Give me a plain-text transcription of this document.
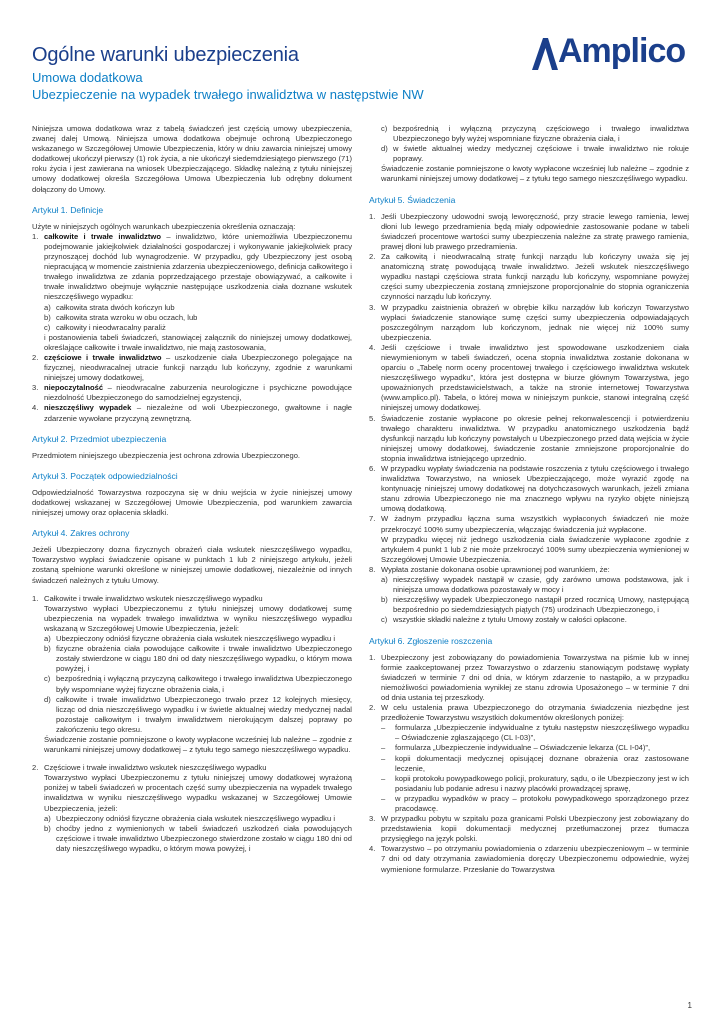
Ogólne warunki ubezpieczenia
Umowa dodatkowa
Ubezpieczenie na wypadek trwałego inwalidztwa w następstwie NW
Amplico

Niniejsza umowa dodatkowa wraz z tabelą świadczeń jest częścią umowy ubezpieczenia, zwanej dalej Umową. Niniejsza umowa dodatkowa obejmuje ochroną Ubezpieczonego wskazanego w Szczegółowej Umowie Ubezpieczenia, który w dniu zawarcia niniejszej umowy dodatkowej ukończył pierwszy (1) rok życia, a nie ukończył siedemdziesiątego pierwszego (71) roku życia i jest zawierana na wniosek Ubezpieczającego. Składkę należną z tytułu niniejszej umowy dodatkowej określa Szczegółowa Umowa Ubezpieczenia lub odrębny dokument dołączony do Umowy.

Artykuł 1. Definicje

Użyte w niniejszych ogólnych warunkach ubezpieczenia określenia oznaczają:

1. całkowite i trwałe inwalidztwo – inwalidztwo, które uniemożliwia Ubezpieczonemu podejmowanie jakiejkolwiek działalności gospodarczej i wykonywanie jakiejkolwiek pracy przynoszącej dochód lub wynagrodzenie. W przypadku, gdy Ubezpieczony jest osobą niepracującą w momencie zaistnienia zdarzenia ubezpieczeniowego, definicja całkowitego i trwałego inwalidztwa ze zdania poprzedzającego przestaje obowiązywać, a całkowite i trwałe inwalidztwo obejmuje wyłącznie następujące uszkodzenia ciała doznane wskutek nieszczęśliwego wypadku:
a) całkowita strata dwóch kończyn lub
b) całkowita strata wzroku w obu oczach, lub
c) całkowity i nieodwracalny paraliż

i postanowienia tabeli świadczeń, stanowiącej załącznik do niniejszej umowy dodatkowej, określające całkowite i trwałe inwalidztwo, nie mają zastosowania,

2. częściowe i trwałe inwalidztwo – uszkodzenie ciała Ubezpieczonego polegające na fizycznej, nieodwracalnej utracie funkcji narządu lub kończyny, zgodnie z warunkami niniejszej umowy dodatkowej,
3. niepoczytalność – nieodwracalne zaburzenia neurologiczne i psychiczne powodujące niezdolność Ubezpieczonego do samodzielnej egzystencji,
4. nieszczęśliwy wypadek – niezależne od woli Ubezpieczonego, gwałtowne i nagłe zdarzenie wywołane przyczyną zewnętrzną.
Artykuł 2. Przedmiot ubezpieczenia

Przedmiotem niniejszego ubezpieczenia jest ochrona zdrowia Ubezpieczonego.

Artykuł 3. Początek odpowiedzialności

Odpowiedzialność Towarzystwa rozpoczyna się w dniu wejścia w życie niniejszej umowy dodatkowej wskazanej w Szczegółowej Umowie Ubezpieczenia, pod warunkiem zawarcia niniejszej umowy oraz opłacenia składki.

Artykuł 4. Zakres ochrony

Jeżeli Ubezpieczony dozna fizycznych obrażeń ciała wskutek nieszczęśliwego wypadku, Towarzystwo wypłaci świadczenie opisane w punktach 1 lub 2 niniejszego artykułu, jeżeli zostaną spełnione warunki określone w niniejszej umowie dodatkowej, niezależnie od innych świadczeń należnych z tytułu Umowy.

1. Całkowite i trwałe inwalidztwo wskutek nieszczęśliwego wypadku
Towarzystwo wypłaci Ubezpieczonemu z tytułu niniejszej umowy dodatkowej sumę ubezpieczenia na wypadek trwałego inwalidztwa w wyniku nieszczęśliwego wypadku wskazaną w Szczegółowej Umowie Ubezpieczenia, jeżeli:
a) Ubezpieczony odniósł fizyczne obrażenia ciała wskutek nieszczęśliwego wypadku i
b) fizyczne obrażenia ciała powodujące całkowite i trwałe inwalidztwo Ubezpieczonego zostały stwierdzone w ciągu 180 dni od daty nieszczęśliwego wypadku, o którym mowa powyżej, i
c) bezpośrednią i wyłączną przyczyną całkowitego i trwałego inwalidztwa Ubezpieczonego były wspomniane wyżej fizyczne obrażenia ciała, i
d) całkowite i trwałe inwalidztwo Ubezpieczonego trwało przez 12 kolejnych miesięcy, licząc od dnia nieszczęśliwego wypadku i w świetle aktualnej wiedzy medycznej nadal pozostaje całkowitym i trwałym inwalidztwem nierokującym dalszej poprawy po zakończeniu tego okresu.

Świadczenie zostanie pomniejszone o kwoty wypłacone wcześniej lub należne – zgodnie z warunkami niniejszej umowy dodatkowej – z tytułu tego samego nieszczęśliwego wypadku.

2. Częściowe i trwałe inwalidztwo wskutek nieszczęśliwego wypadku
Towarzystwo wypłaci Ubezpieczonemu z tytułu niniejszej umowy dodatkowej wyrażoną poniżej w tabeli świadczeń w procentach część sumy ubezpieczenia na wypadek trwałego inwalidztwa w wyniku nieszczęśliwego wypadku wskazanej w Szczegółowej Umowie Ubezpieczenia, jeżeli:
a) Ubezpieczony odniósł fizyczne obrażenia ciała wskutek nieszczęśliwego wypadku i
b) choćby jedno z wymienionych w tabeli świadczeń uszkodzeń ciała powodujących częściowe i trwałe inwalidztwo Ubezpieczonego stwierdzone zostało w ciągu 180 dni od daty nieszczęśliwego wypadku, o którym mowa powyżej, i
c) bezpośrednią i wyłączną przyczyną częściowego i trwałego inwalidztwa Ubezpieczonego były wyżej wspomniane fizyczne obrażenia ciała, i
d) w świetle aktualnej wiedzy medycznej częściowe i trwałe inwalidztwo nie rokuje poprawy.

Świadczenie zostanie pomniejszone o kwoty wypłacone wcześniej lub należne – zgodnie z warunkami niniejszej umowy dodatkowej – z tytułu tego samego nieszczęśliwego wypadku.

Artykuł 5. Świadczenia
1. Jeśli Ubezpieczony udowodni swoją leworęczność, przy stracie lewego ramienia, lewej dłoni lub lewego przedramienia będą miały odpowiednie zastosowanie podane w tabeli świadczeń procentowe wartości sumy ubezpieczenia należne za stratę prawego ramienia, prawej dłoni lub prawego przedramienia.
2. Za całkowitą i nieodwracalną stratę funkcji narządu lub kończyny uważa się jej anatomiczną stratę powodującą trwałe inwalidztwo. Jeżeli wskutek nieszczęśliwego wypadku nastąpi częściowa strata funkcji narządu lub kończyny, wspomniane powyżej części sumy ubezpieczenia zostaną zmniejszone proporcjonalnie do stopnia ograniczenia czynności narządu lub kończyny.
3. W przypadku zaistnienia obrażeń w obrębie kilku narządów lub kończyn Towarzystwo wypłaci świadczenie stanowiące sumę części sumy ubezpieczenia odpowiadających poszczególnym narządom lub kończynom, jednak nie więcej niż 100% sumy ubezpieczenia.
4. Jeśli częściowe i trwałe inwalidztwo jest spowodowane uszkodzeniem ciała niewymienionym w tabeli świadczeń, ocena stopnia inwalidztwa zostanie dokonana w oparciu o „Tabelę norm oceny procentowej trwałego i częściowego inwalidztwa wskutek nieszczęśliwego wypadku”, która jest dostępna w biurze głównym Towarzystwa, jego upoważnionych przedstawicielstwach, a także na stronie internetowej Towarzystwa (www.amplico.pl). Tabela, o której mowa w niniejszym punkcie, stanowi integralną część niniejszej umowy dodatkowej.
5. Świadczenie zostanie wypłacone po okresie pełnej rekonwalescencji i potwierdzeniu trwałego charakteru inwalidztwa. W przypadku anatomicznego uszkodzenia bądź dysfunkcji narządu lub kończyny powstałych u Ubezpieczonego przed datą wejścia w życie niniejszej umowy dodatkowej, świadczenie zostanie zmniejszone proporcjonalnie do stopnia inwalidztwa istniejącego uprzednio.
6. W przypadku wypłaty świadczenia na podstawie roszczenia z tytułu częściowego i trwałego inwalidztwa Towarzystwo, na wniosek Ubezpieczającego, może wyrazić zgodę na kontynuację niniejszej umowy dodatkowej na dotychczasowych warunkach, jeżeli zmiana stanu zdrowia Ubezpieczonego nie ma znacznego wpływu na ryzyko objęte niniejszą umową dodatkową.
7. W żadnym przypadku łączna suma wszystkich wypłaconych świadczeń nie może przekroczyć 100% sumy ubezpieczenia, włączając świadczenia już wypłacone.

W przypadku więcej niż jednego uszkodzenia ciała świadczenie wypłacone zgodnie z artykułem 4 punkt 1 lub 2 nie może przekroczyć 100% sumy ubezpieczenia wymienionej w Szczegółowej Umowie Ubezpieczenia.

8. Wypłata zostanie dokonana osobie uprawnionej pod warunkiem, że:
a) nieszczęśliwy wypadek nastąpił w czasie, gdy zarówno umowa podstawowa, jak i niniejsza umowa dodatkowa pozostawały w mocy i
b) nieszczęśliwy wypadek Ubezpieczonego nastąpił przed rocznicą Umowy, następującą bezpośrednio po siedemdziesiątych piątych (75) urodzinach Ubezpieczonego, i
c) wszystkie składki należne z tytułu Umowy zostały w całości opłacone.
Artykuł 6. Zgłoszenie roszczenia
1. Ubezpieczony jest zobowiązany do powiadomienia Towarzystwa na piśmie lub w innej formie zaakceptowanej przez Towarzystwo o zdarzeniu stanowiącym podstawę wypłaty świadczeń w terminie 7 dni od dnia, w którym zdarzenie to nastąpiło, a w przypadku niemożliwości powiadomienia wynikłej ze stanu zdrowia Uposażonego – w terminie 7 dni od dnia ustania tej przeszkody.
2. W celu ustalenia prawa Ubezpieczonego do otrzymania świadczenia niezbędne jest przedłożenie Towarzystwu wszystkich dokumentów określonych poniżej:
– formularza „Ubezpieczenie indywidualne z tytułu następstw nieszczęśliwego wypadku – Oświadczenie zgłaszającego (CL I-03)”,
– formularza „Ubezpieczenie indywidualne – Oświadczenie lekarza (CL I-04)”,
– kopii dokumentacji medycznej opisującej doznane obrażenia oraz zastosowane leczenie,
– kopii protokołu powypadkowego policji, prokuratury, sądu, o ile Ubezpieczony jest w ich posiadaniu lub podanie adresu i nazwy placówki prowadzącej sprawę,
– w przypadku wypadków w pracy – protokołu powypadkowego sporządzonego przez pracodawcę.
3. W przypadku pobytu w szpitalu poza granicami Polski Ubezpieczony jest zobowiązany do przedstawienia kopii dokumentacji medycznej przetłumaczonej przez tłumacza przysięgłego na język polski.
4. Towarzystwo – po otrzymaniu powiadomienia o zdarzeniu ubezpieczeniowym – w terminie 7 dni od daty otrzymania zawiadomienia doręczy Ubezpieczonemu odpowiednie, wyżej wymienione formularze. Przesłanie do Towarzystwa
1
